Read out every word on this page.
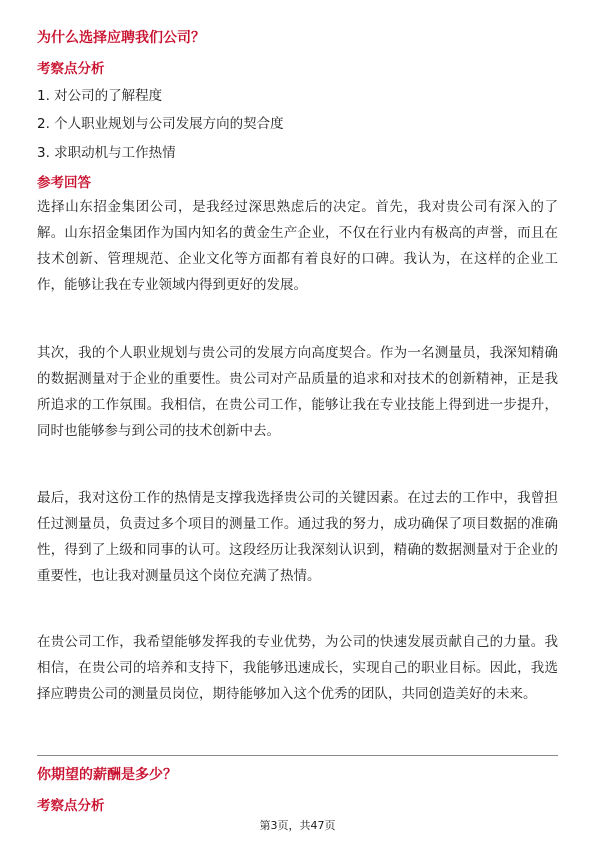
为什么选择应聘我们公司？
考察点分析
1. 对公司的了解程度
2. 个人职业规划与公司发展方向的契合度
3. 求职动机与工作热情
参考回答
选择山东招金集团公司，是我经过深思熟虑后的决定。首先，我对贵公司有深入的了解。山东招金集团作为国内知名的黄金生产企业，不仅在行业内有极高的声誉，而且在技术创新、管理规范、企业文化等方面都有着良好的口碑。我认为，在这样的企业工作，能够让我在专业领域内得到更好的发展。
其次，我的个人职业规划与贵公司的发展方向高度契合。作为一名测量员，我深知精确的数据测量对于企业的重要性。贵公司对产品质量的追求和对技术的创新精神，正是我所追求的工作氛围。我相信，在贵公司工作，能够让我在专业技能上得到进一步提升，同时也能够参与到公司的技术创新中去。
最后，我对这份工作的热情是支撑我选择贵公司的关键因素。在过去的工作中，我曾担任过测量员，负责过多个项目的测量工作。通过我的努力，成功确保了项目数据的准确性，得到了上级和同事的认可。这段经历让我深刻认识到，精确的数据测量对于企业的重要性，也让我对测量员这个岗位充满了热情。
在贵公司工作，我希望能够发挥我的专业优势，为公司的快速发展贡献自己的力量。我相信，在贵公司的培养和支持下，我能够迅速成长，实现自己的职业目标。因此，我选择应聘贵公司的测量员岗位，期待能够加入这个优秀的团队，共同创造美好的未来。
你期望的薪酬是多少？
考察点分析
第3页，共47页
